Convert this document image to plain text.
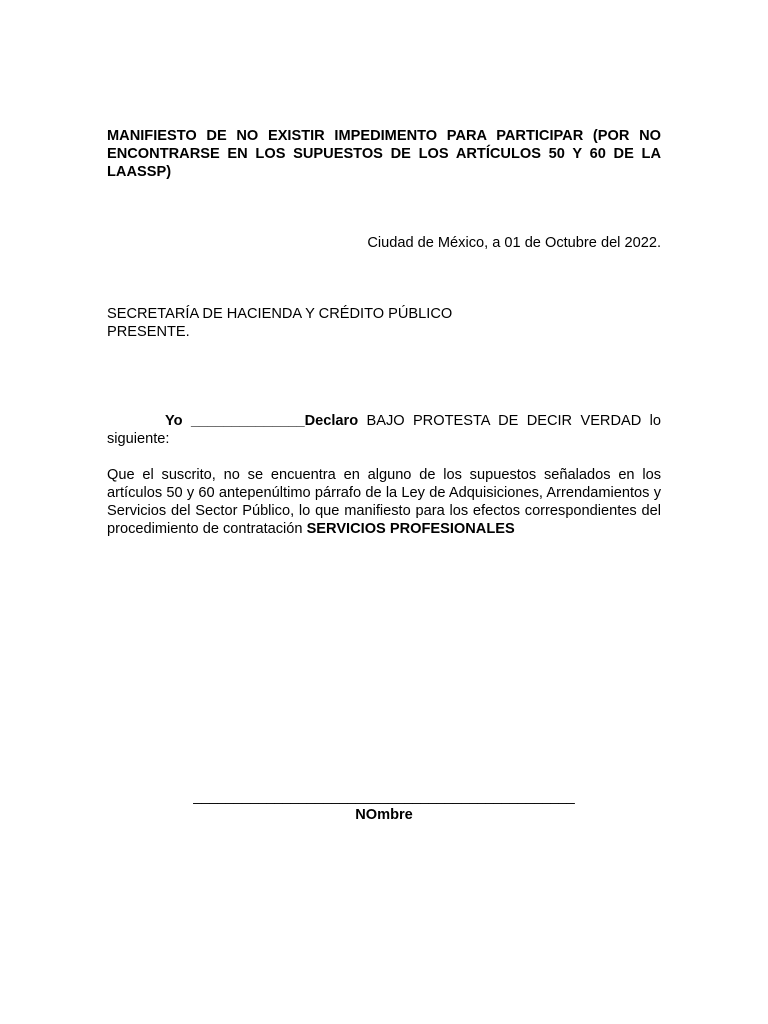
MANIFIESTO DE NO EXISTIR IMPEDIMENTO PARA PARTICIPAR (POR NO ENCONTRARSE EN LOS SUPUESTOS DE LOS ARTÍCULOS 50 Y 60 DE LA LAASSP)
Ciudad de México, a 01 de Octubre del 2022.
SECRETARÍA DE HACIENDA Y CRÉDITO PÚBLICO
PRESENTE.
Yo ______________Declaro BAJO PROTESTA DE DECIR VERDAD lo siguiente:
Que el suscrito, no se encuentra en alguno de los supuestos señalados en los artículos 50 y 60 antepenúltimo párrafo de la Ley de Adquisiciones, Arrendamientos y Servicios del Sector Público, lo que manifiesto para los efectos correspondientes del procedimiento de contratación SERVICIOS PROFESIONALES
_______________________________________________
NOmbre
